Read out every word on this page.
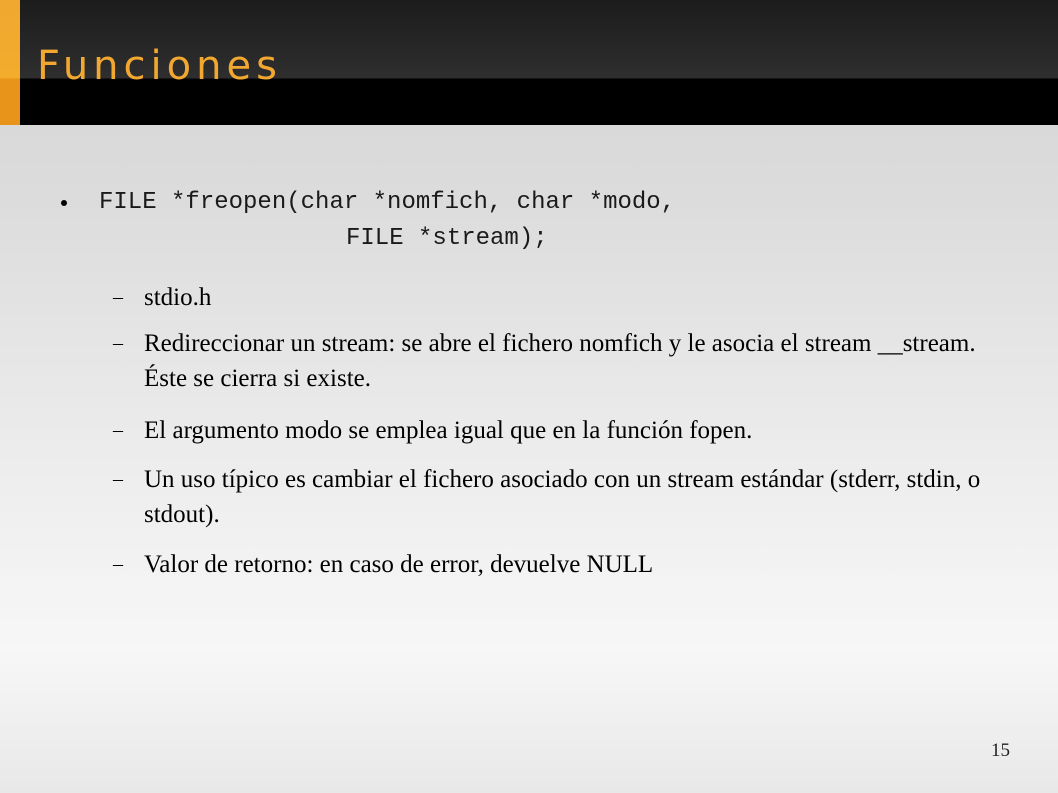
Funciones
FILE *freopen(char *nomfich, char *modo,
FILE *stream);
– stdio.h

– Redireccionar un stream: se abre el fichero nomfich y le asocia el stream __stream. Éste se cierra si existe.

– El argumento modo se emplea igual que en la función fopen.

– Un uso típico es cambiar el fichero asociado con un stream estándar (stderr, stdin, o stdout).

– Valor de retorno: en caso de error, devuelve NULL

15
